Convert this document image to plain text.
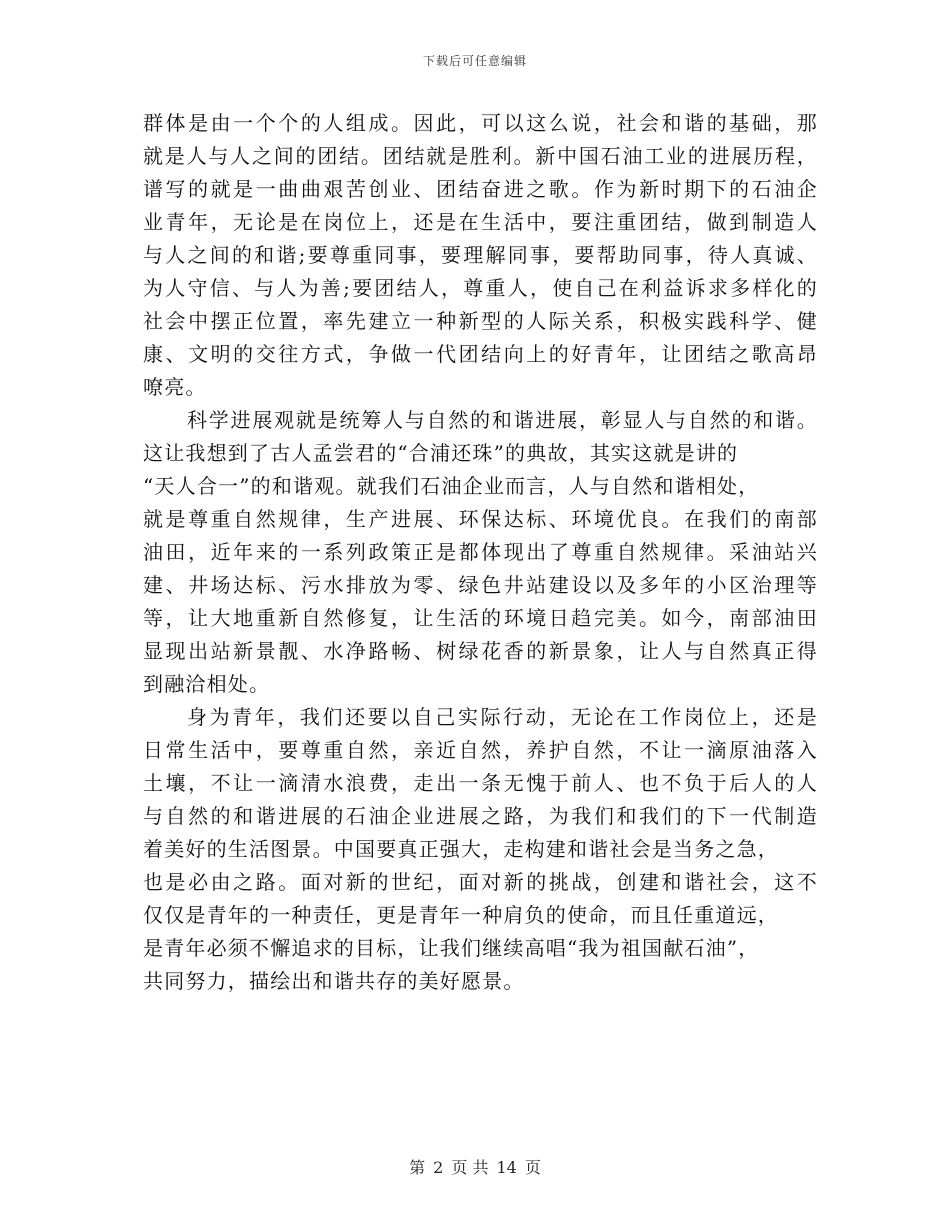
下载后可任意编辑
群体是由一个个的人组成。因此，可以这么说，社会和谐的基础，那
就是人与人之间的团结。团结就是胜利。新中国石油工业的进展历程，
谱写的就是一曲曲艰苦创业、团结奋进之歌。作为新时期下的石油企
业青年，无论是在岗位上，还是在生活中，要注重团结，做到制造人
与人之间的和谐;要尊重同事，要理解同事，要帮助同事，待人真诚、
为人守信、与人为善;要团结人，尊重人，使自己在利益诉求多样化的
社会中摆正位置，率先建立一种新型的人际关系，积极实践科学、健
康、文明的交往方式，争做一代团结向上的好青年，让团结之歌高昂
嘹亮。
科学进展观就是统筹人与自然的和谐进展，彰显人与自然的和谐。
这让我想到了古人孟尝君的“合浦还珠”的典故，其实这就是讲的
“天人合一”的和谐观。就我们石油企业而言，人与自然和谐相处，
就是尊重自然规律，生产进展、环保达标、环境优良。在我们的南部
油田，近年来的一系列政策正是都体现出了尊重自然规律。采油站兴
建、井场达标、污水排放为零、绿色井站建设以及多年的小区治理等
等，让大地重新自然修复，让生活的环境日趋完美。如今，南部油田
显现出站新景靓、水净路畅、树绿花香的新景象，让人与自然真正得
到融洽相处。
身为青年，我们还要以自己实际行动，无论在工作岗位上，还是
日常生活中，要尊重自然，亲近自然，养护自然，不让一滴原油落入
土壤，不让一滴清水浪费，走出一条无愧于前人、也不负于后人的人
与自然的和谐进展的石油企业进展之路，为我们和我们的下一代制造
着美好的生活图景。中国要真正强大，走构建和谐社会是当务之急，
也是必由之路。面对新的世纪，面对新的挑战，创建和谐社会，这不
仅仅是青年的一种责任，更是青年一种肩负的使命，而且任重道远，
是青年必须不懈追求的目标，让我们继续高唱“我为祖国献石油”，
共同努力，描绘出和谐共存的美好愿景。
第 2 页 共 14 页
